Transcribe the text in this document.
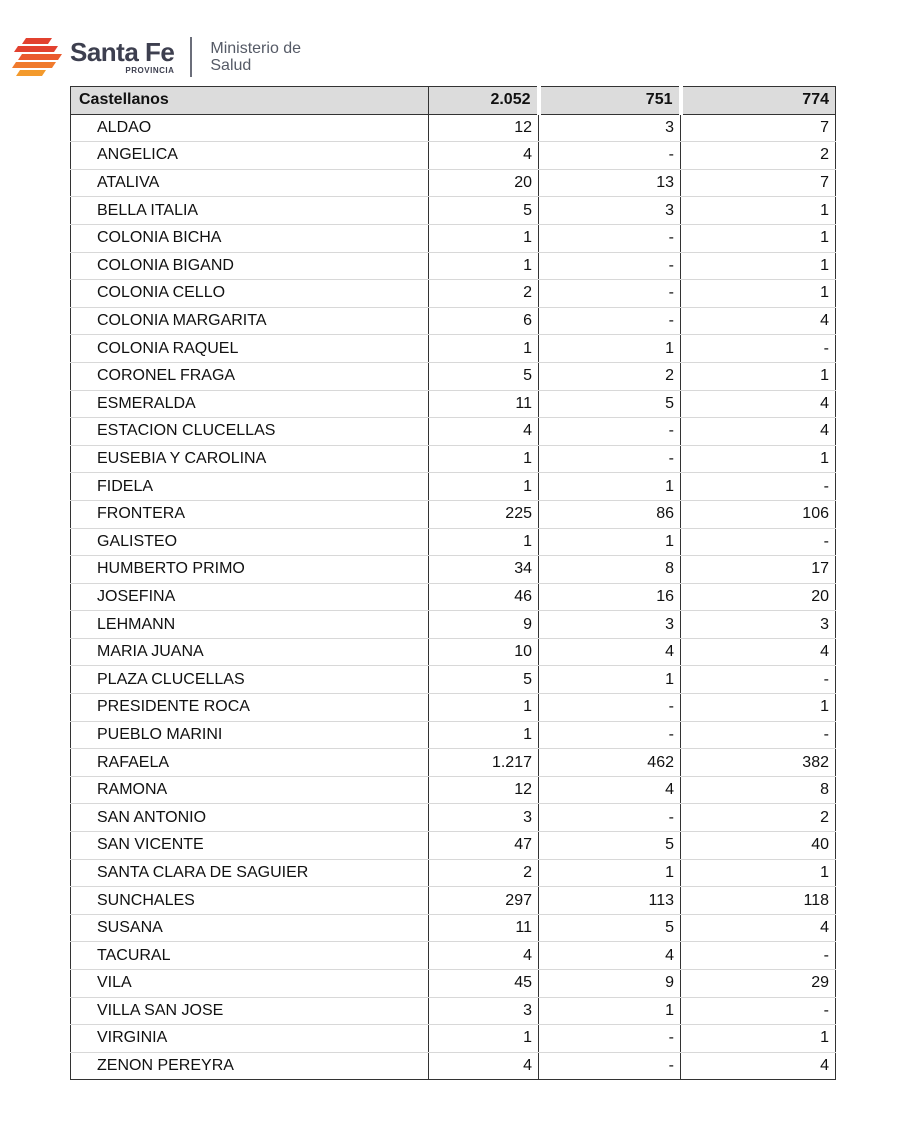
Santa Fe
PROVINCIA
Ministerio de
Salud
Castellanos	2.052	751	774
ALDAO	12	3	7
ANGELICA	4	-	2
ATALIVA	20	13	7
BELLA ITALIA	5	3	1
COLONIA BICHA	1	-	1
COLONIA BIGAND	1	-	1
COLONIA CELLO	2	-	1
COLONIA MARGARITA	6	-	4
COLONIA RAQUEL	1	1	-
CORONEL FRAGA	5	2	1
ESMERALDA	11	5	4
ESTACION CLUCELLAS	4	-	4
EUSEBIA Y CAROLINA	1	-	1
FIDELA	1	1	-
FRONTERA	225	86	106
GALISTEO	1	1	-
HUMBERTO PRIMO	34	8	17
JOSEFINA	46	16	20
LEHMANN	9	3	3
MARIA JUANA	10	4	4
PLAZA CLUCELLAS	5	1	-
PRESIDENTE ROCA	1	-	1
PUEBLO MARINI	1	-	-
RAFAELA	1.217	462	382
RAMONA	12	4	8
SAN ANTONIO	3	-	2
SAN VICENTE	47	5	40
SANTA CLARA DE SAGUIER	2	1	1
SUNCHALES	297	113	118
SUSANA	11	5	4
TACURAL	4	4	-
VILA	45	9	29
VILLA SAN JOSE	3	1	-
VIRGINIA	1	-	1
ZENON PEREYRA	4	-	4
